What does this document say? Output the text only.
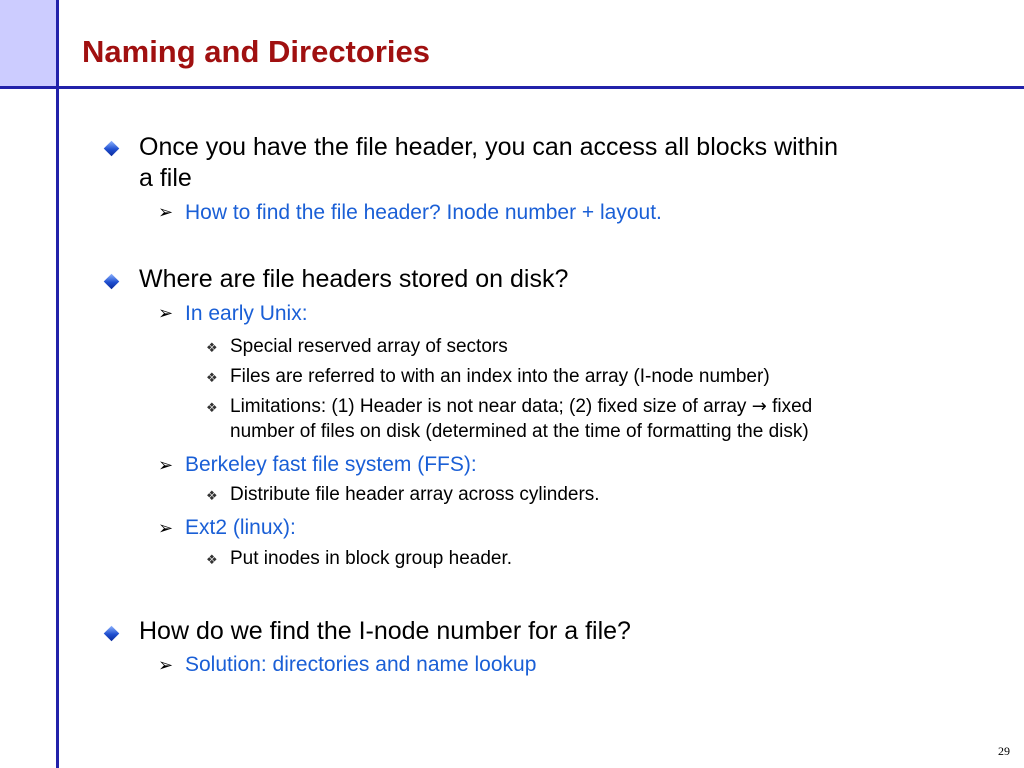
Naming and Directories
Once you have the file header, you can access all blocks within
a file
➢ How to find the file header? Inode number + layout.
Where are file headers stored on disk?
➢ In early Unix:
❖ Special reserved array of sectors
❖ Files are referred to with an index into the array (I-node number)
❖ Limitations: (1) Header is not near data; (2) fixed size of array → fixed
number of files on disk (determined at the time of formatting the disk)
➢ Berkeley fast file system (FFS):
❖ Distribute file header array across cylinders.
➢ Ext2 (linux):
❖ Put inodes in block group header.
How do we find the I-node number for a file?
➢ Solution: directories and name lookup
29
